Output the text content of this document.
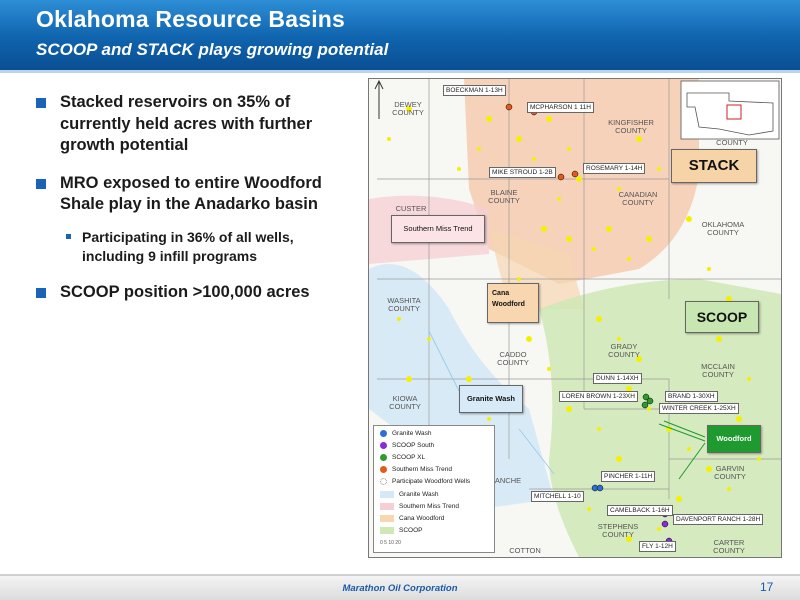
Oklahoma Resource Basins
SCOOP and STACK plays growing potential
Stacked reservoirs on 35% of currently held acres with further growth potential
MRO exposed to entire Woodford Shale play in the Anadarko basin
Participating in 36% of all wells, including 9 infill programs
SCOOP position >100,000 acres
DEWEY COUNTY
KINGFISHER COUNTY
COUNTY
CUSTER
BLAINE COUNTY
CANADIAN COUNTY
OKLAHOMA COUNTY
WASHITA COUNTY
CADDO COUNTY
GRADY COUNTY
MCCLAIN COUNTY
KIOWA COUNTY
GARVIN COUNTY
STEPHENS COUNTY
CARTER COUNTY
COTTON
ANCHE
BOECKMAN 1-13H
MCPHARSON 1 11H
MIKE STROUD 1-2B
ROSEMARY 1-14H
DUNN 1-14XH
LOREN BROWN 1-23XH	BRAND 1-30XH
WINTER CREEK 1-25XH
PINCHER 1-11H
MITCHELL 1-10
CAMELBACK 1-16H
DAVENPORT RANCH 1-28H
FLY 1-12H
STACK
SCOOP
Southern Miss Trend
Cana Woodford
Granite Wash
Woodford
Granite Wash
SCOOP South
SCOOP XL
Southern Miss Trend
Participate Woodford Wells
Granite Wash
Southern Miss Trend
Cana Woodford
SCOOP
0 5 10 20
Marathon Oil Corporation	17
